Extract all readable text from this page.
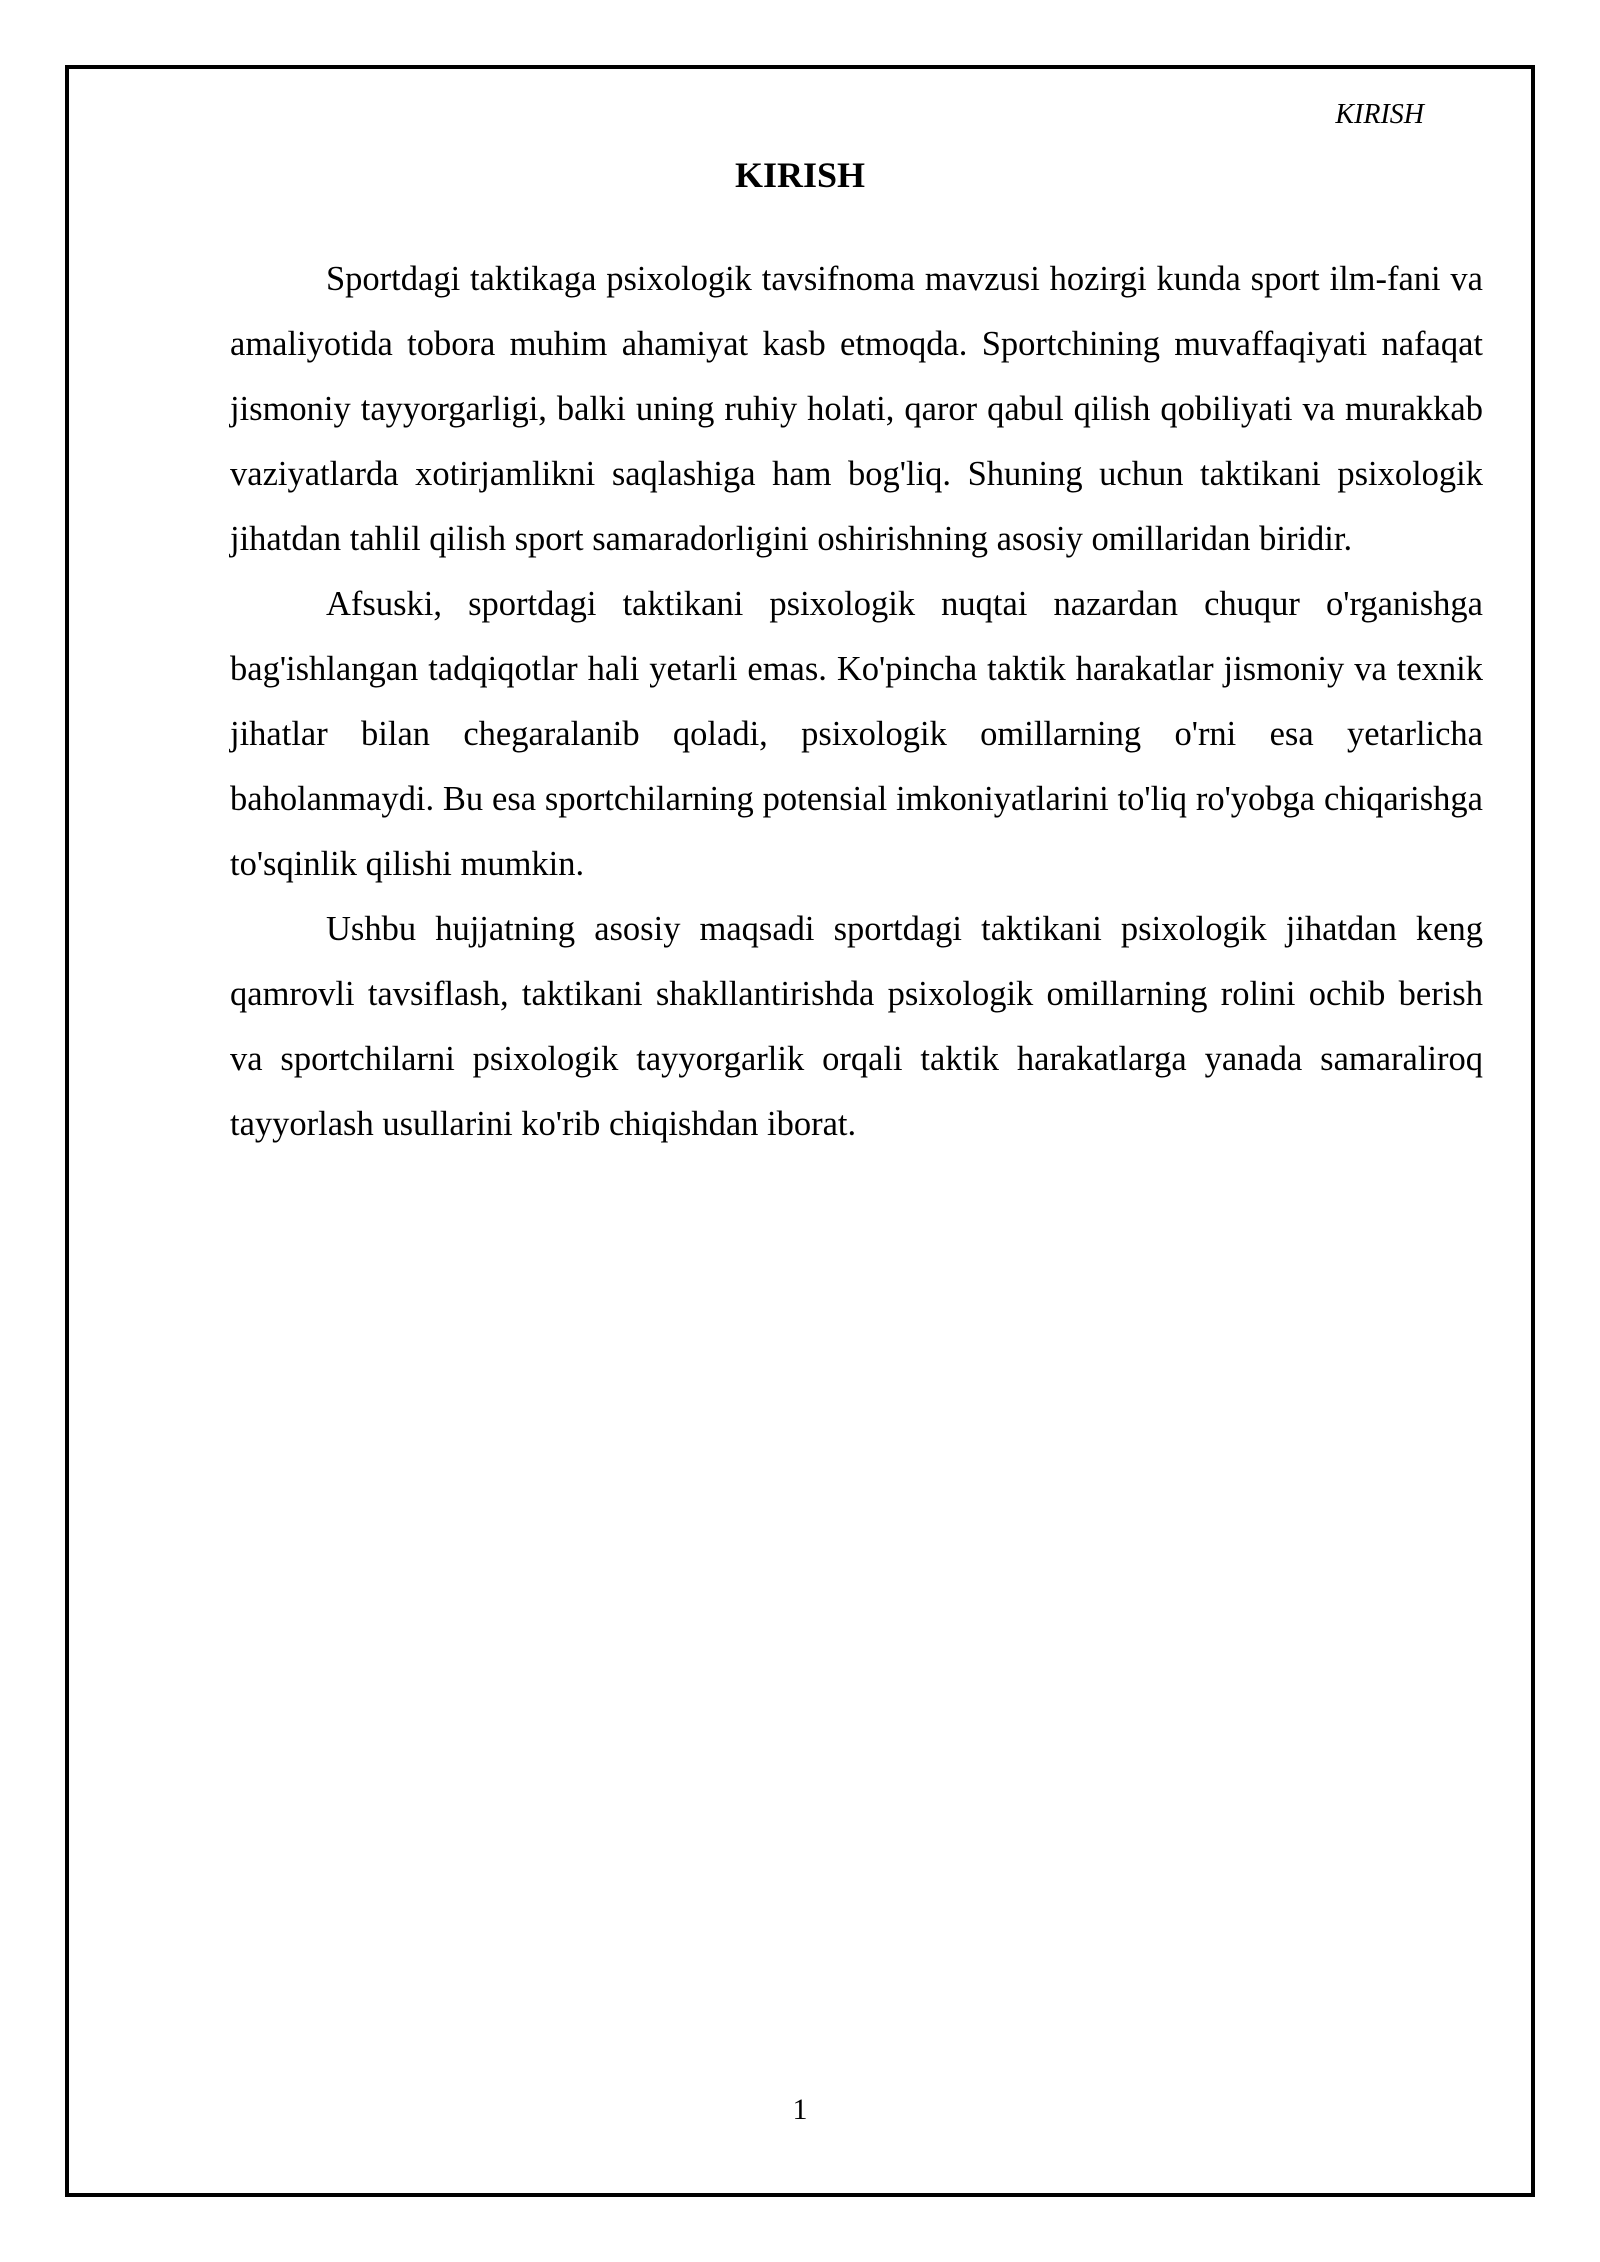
KIRISH
KIRISH

Sportdagi taktikaga psixologik tavsifnoma mavzusi hozirgi kunda sport ilm-fani va amaliyotida tobora muhim ahamiyat kasb etmoqda. Sportchining muvaffaqiyati nafaqat jismoniy tayyorgarligi, balki uning ruhiy holati, qaror qabul qilish qobiliyati va murakkab vaziyatlarda xotirjamlikni saqlashiga ham bog'liq. Shuning uchun taktikani psixologik jihatdan tahlil qilish sport samaradorligini oshirishning asosiy omillaridan biridir.

Afsuski, sportdagi taktikani psixologik nuqtai nazardan chuqur o'rganishga bag'ishlangan tadqiqotlar hali yetarli emas. Ko'pincha taktik harakatlar jismoniy va texnik jihatlar bilan chegaralanib qoladi, psixologik omillarning o'rni esa yetarlicha baholanmaydi. Bu esa sportchilarning potensial imkoniyatlarini to'liq ro'yobga chiqarishga to'sqinlik qilishi mumkin.

Ushbu hujjatning asosiy maqsadi sportdagi taktikani psixologik jihatdan keng qamrovli tavsiflash, taktikani shakllantirishda psixologik omillarning rolini ochib berish va sportchilarni psixologik tayyorgarlik orqali taktik harakatlarga yanada samaraliroq tayyorlash usullarini ko'rib chiqishdan iborat.

1
